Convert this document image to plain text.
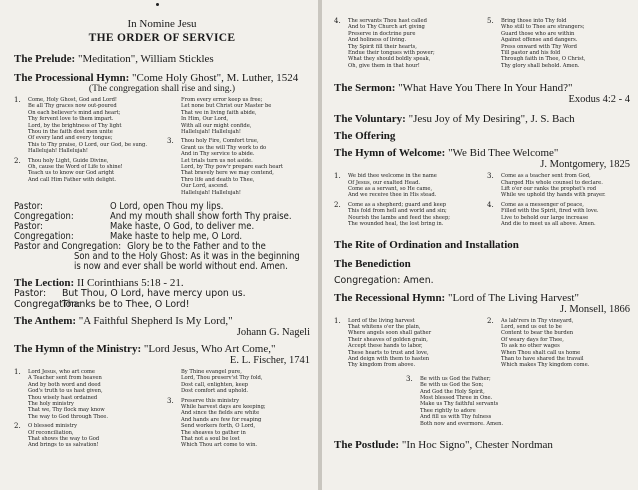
In Nomine Jesu
THE ORDER OF SERVICE
The Prelude: "Meditation", William Stickles
The Processional Hymn: "Come Holy Ghost", M. Luther, 1524
(The congregation shall rise and sing.)
1.	Come, Holy Ghost, God and Lord!
Be all Thy graces now out-poured
On each believer's mind and heart;
Thy fervent love to them impart.
Lord, by the brightness of Thy light
Thou in the faith dost men unite
Of every land and every tongue;
This to Thy praise, O Lord, our God, be sung.
Hallelujah! Hallelujah!
2.	Thou holy Light, Guide Divine,
Oh, cause the Word of Life to shine!
Teach us to know our God aright
And call Him Father with delight.
From every error keep us free;
Let none but Christ our Master be
That we in living faith abide,
In Him, Our Lord,
With all our might confide,
Hallelujah! Hallelujah!
3.	Thou holy Fire, Comfort true,
Grant us the will Thy work to do
And in Thy service to abide.
Let trials turn us not aside.
Lord, by Thy pow'r prepare each heart
That bravely here we may contend,
Thro life and death to Thee,
Our Lord, ascend.
Hallelujah! Hallelujah!
Pastor:	O Lord, open Thou my lips.
Congregation:	And my mouth shall show forth Thy praise.
Pastor:	Make haste, O God, to deliver me.
Congregation:	Make haste to help me, O Lord.
Pastor and Congregation: Glory be to the Father and to the
Son and to the Holy Ghost: As it was in the beginning
is now and ever shall be world without end. Amen.
The Lection: II Corinthians 5:18 - 21.
Pastor:	But Thou, O Lord, have mercy upon us.
Congregation:
Thanks be to Thee, O Lord!
The Anthem: "A Faithful Shepherd Is My Lord,"
Johann G. Nageli
The Hymn of the Ministry: "Lord Jesus, Who Art Come,"
E. L. Fischer, 1741
1.	Lord Jesus, who art come
A Teacher sent from heaven
And by both word and deed
God's truth to us hast given,
Thou wisely hast ordained
The holy ministry
That we, Thy flock may know
The way to God through Thee.
2.	O blessed ministry
Of reconciliation,
That shows the way to God
And brings to us salvation!
By Thine evangel pure,
Lord, Thou preserv'st Thy fold,
Dost call, enlighten, keep
Dost comfort and uphold.
3.	Preserve this ministry
While harvest days are keeping;
And since the fields are white
And hands are few for reaping
Send workers forth, O Lord,
The sheaves to gather in
That not a soul be lost
Which Thou art come to win.
4.	The servants Thou hast called
And to Thy Church art giving
Preserve in doctrine pure
And holiness of living.
Thy Spirit fill their hearts,
Endue their tongues with power;
What they should boldly speak,
Oh, give them in that hour!
5.	Bring those into Thy fold
Who still to Thee are strangers;
Guard those who are within
Against offense and dangers.
Press onward with Thy Word
Till pastor and his fold
Through faith in Thee, O Christ,
Thy glory shall behold. Amen.
The Sermon: "What Have You There In Your Hand?"
Exodus 4:2 - 4
The Voluntary: "Jesu Joy of My Desiring", J. S. Bach
The Offering
The Hymn of Welcome: "We Bid Thee Welcome"
J. Montgomery, 1825
1.	We bid thee welcome in the name
Of Jesus, our exalted Head.
Come as a servant, so He came,
And we receive thee in His stead.
2.	Come as a shepherd; guard and keep
This fold from hell and world and sin;
Nourish the lambs and feed the sheep;
The wounded heal, the lost bring in.
3.	Come as a teacher sent from God,
Charged His whole counsel to declare.
Lift o'er our ranks the prophet's rod
While we uphold thy hands with prayer.
4.	Come as a messenger of peace,
Filled with the Spirit, fired with love.
Live to behold our large increase
And die to meet us all above. Amen.
The Rite of Ordination and Installation
The Benediction
Congregation: Amen.
The Recessional Hymn: "Lord of The Living Harvest"
J. Monsell, 1866
1.	Lord of the living harvest
That whitens o'er the plain,
Where angels soon shall gather
Their sheaves of golden grain,
Accept these hands to labor,
These hearts to trust and love,
And deign with them to hasten
Thy kingdom from above.
2.	As lab'rers in Thy vineyard,
Lord, send us out to be
Content to bear the burden
Of weary days for Thee,
To ask no other wages
When Thou shalt call us home
Than to have shared the travail
Which makes Thy kingdom come.
3.	Be with us God the Father;
Be with us God the Son;
And God the Holy Spirit,
Most blessed Three in One.
Make us Thy faithful servants
Thee rightly to adore
And fill us with Thy fulness
Both now and evermore. Amen.
The Postlude: "In Hoc Signo", Chester Nordman
